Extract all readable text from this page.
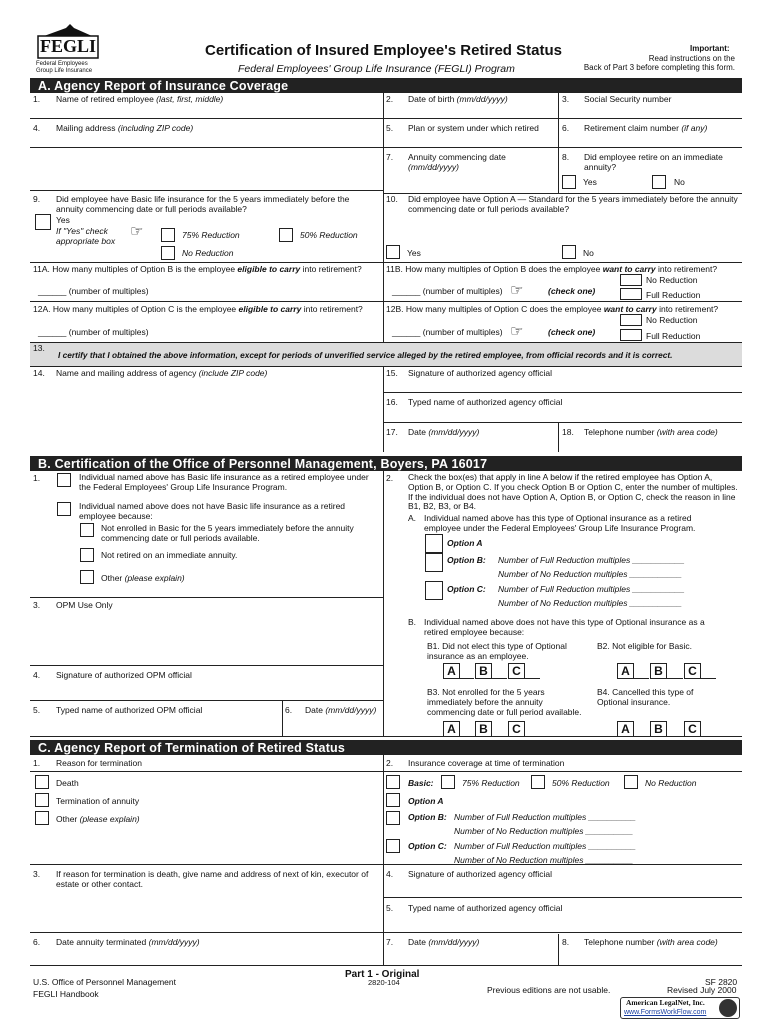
FEGLI
Federal Employees
Group Life Insurance
Certification of Insured Employee's Retired Status
Federal Employees' Group Life Insurance (FEGLI) Program
Important:
Read instructions on the
Back of Part 3 before completing this form.
A. Agency Report of Insurance Coverage
1. Name of retired employee (last, first, middle)	2. Date of birth (mm/dd/yyyy)	3. Social Security number
4. Mailing address (including ZIP code)	5. Plan or system under which retired	6. Retirement claim number (if any)
7. Annuity commencing date
(mm/dd/yyyy)
8. Did employee retire on an immediate annuity?
Yes	No
9. Did employee have Basic life insurance for the 5 years immediately before the annuity commencing date or full periods available?
Yes
If "Yes" check appropriate box
☞	75% Reduction	50% Reduction
No Reduction
10. Did employee have Option A — Standard for the 5 years immediately before the annuity commencing date or full periods available?
Yes	No
11A. How many multiples of Option B is the employee eligible to carry into retirement?	11B. How many multiples of Option B does the employee want to carry into retirement?
______ (number of multiples)	______ (number of multiples) ☞	(check one)
No Reduction
Full Reduction
12A. How many multiples of Option C is the employee eligible to carry into retirement?	12B. How many multiples of Option C does the employee want to carry into retirement?
______ (number of multiples)	______ (number of multiples) ☞	(check one)
No Reduction
Full Reduction
13.
I certify that I obtained the above information, except for periods of unverified service alleged by the retired employee, from official records and it is correct.
14. Name and mailing address of agency (include ZIP code)	15. Signature of authorized agency official
16. Typed name of authorized agency official
17. Date (mm/dd/yyyy)	18. Telephone number (with area code)
B. Certification of the Office of Personnel Management, Boyers, PA 16017
1.	Individual named above has Basic life insurance as a retired employee under the Federal Employees' Group Life Insurance Program.
Individual named above does not have Basic life insurance as a retired employee because:
Not enrolled in Basic for the 5 years immediately before the annuity commencing date or full periods available.
Not retired on an immediate annuity.
Other (please explain)
3. OPM Use Only
4. Signature of authorized OPM official
5. Typed name of authorized OPM official	6. Date (mm/dd/yyyy)
2. Check the box(es) that apply in line A below if the retired employee has Option A, Option B, or Option C. If you check Option B or Option C, enter the number of multiples. If the individual does not have Option A, Option B, or Option C, check the reason in line B1, B2, B3, or B4.
A. Individual named above has this type of Optional insurance as a retired employee under the Federal Employees' Group Life Insurance Program.
Option A
Option B: Number of Full Reduction multiples ___________
Number of No Reduction multiples ___________
Option C: Number of Full Reduction multiples ___________
Number of No Reduction multiples ___________
B. Individual named above does not have this type of Optional insurance as a retired employee because:
B1. Did not elect this type of Optional insurance as an employee.
B2. Not eligible for Basic.
B3. Not enrolled for the 5 years immediately before the annuity commencing date or full period available.
B4. Cancelled this type of Optional insurance.
A	B	C	A	B	C
A	B	C	A	B	C
C. Agency Report of Termination of Retired Status
1. Reason for termination
Death
Termination of annuity
Other (please explain)
2. Insurance coverage at time of termination
Basic:	75% Reduction	50% Reduction	No Reduction
Option A
Option B: Number of Full Reduction multiples __________
Number of No Reduction multiples __________
Option C: Number of Full Reduction multiples __________
Number of No Reduction multiples __________
3. If reason for termination is death, give name and address of next of kin, executor of estate or other contact.
4. Signature of authorized agency official
5. Typed name of authorized agency official
6. Date annuity terminated (mm/dd/yyyy)	7. Date (mm/dd/yyyy)	8. Telephone number (with area code)
U.S. Office of Personnel Management
FEGLI Handbook
Part 1 - Original
2820-104
Previous editions are not usable.
SF 2820
Revised July 2000
American LegalNet, Inc.
www.FormsWorkFlow.com
